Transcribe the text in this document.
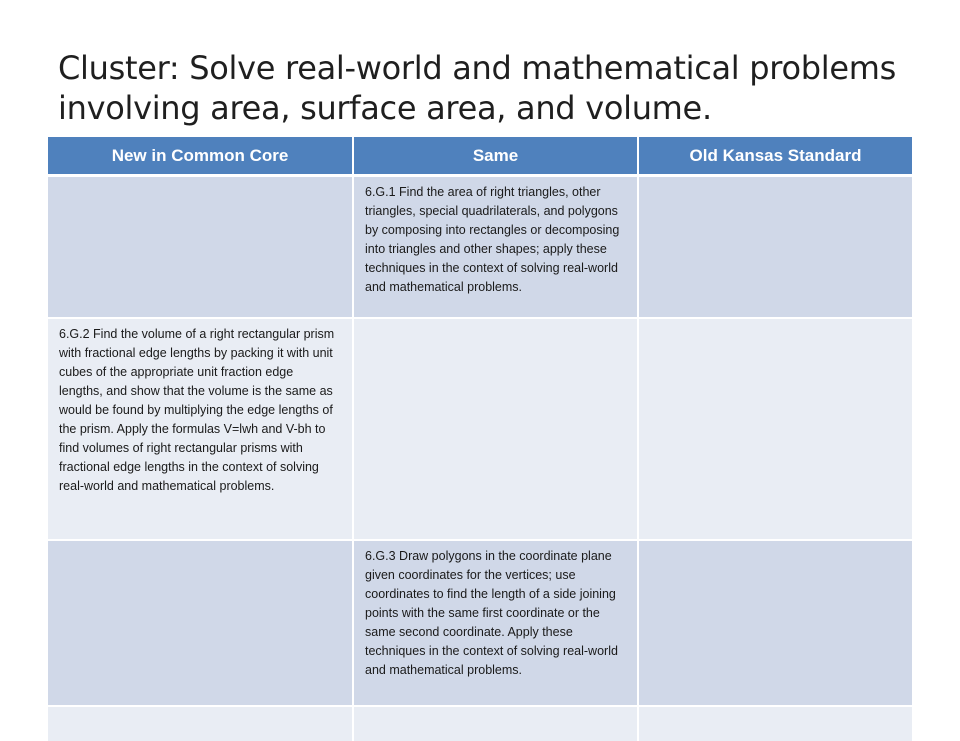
Cluster: Solve real-world and mathematical problems involving area, surface area, and volume.
New in Common Core	Same	Old Kansas Standard
	6.G.1 Find the area of right triangles, other triangles, special quadrilaterals, and polygons by composing into rectangles or decomposing into triangles and other shapes; apply these techniques in the context of solving real-world and mathematical problems.	
6.G.2 Find the volume of a right rectangular prism with fractional edge lengths by packing it with unit cubes of the appropriate unit fraction edge lengths, and show that the volume is the same as would be found by multiplying the edge lengths of the prism. Apply the formulas V=lwh and V-bh to find volumes of right rectangular prisms with fractional edge lengths in the context of solving real-world and mathematical problems.		
	6.G.3 Draw polygons in the coordinate plane given coordinates for the vertices; use coordinates to find the length of a side joining points with the same first coordinate or the same second coordinate. Apply these techniques in the context of solving real-world and mathematical problems.	
